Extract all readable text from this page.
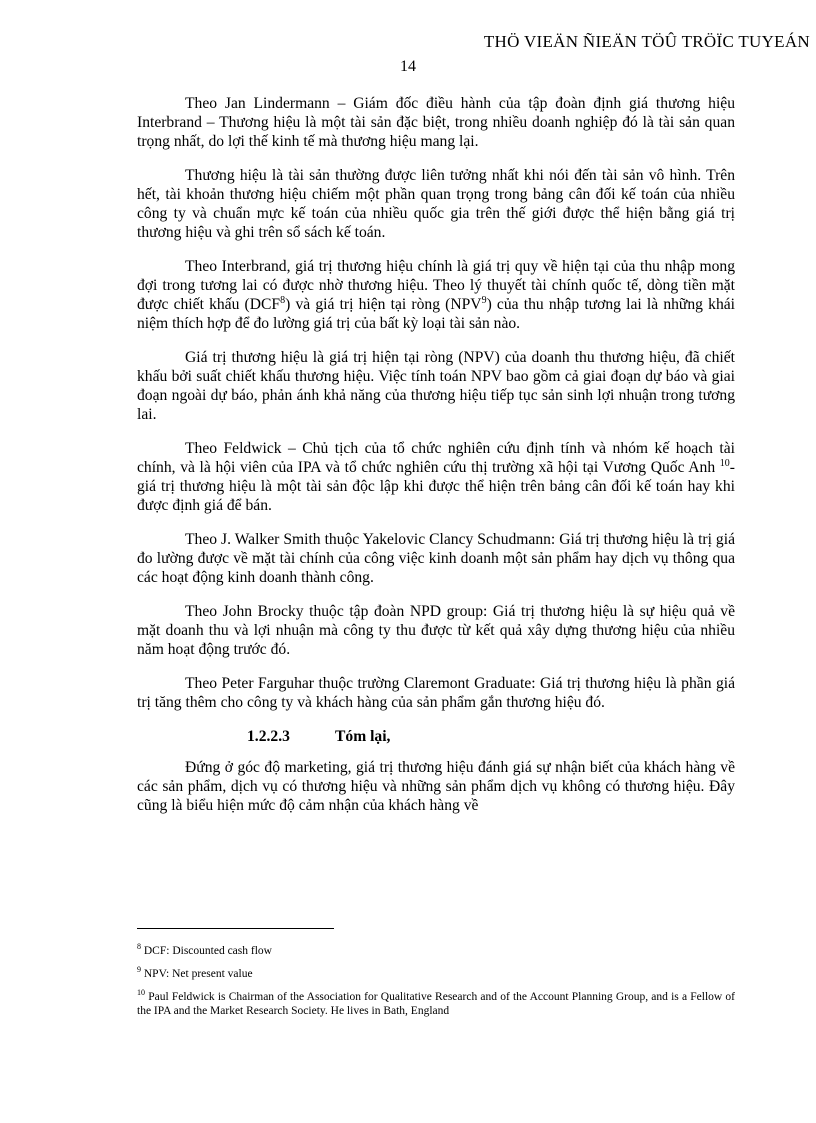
THÖ VIEÄN ÑIEÄN TÖÛ TRÖÏC TUYEÁN
14

Theo Jan Lindermann – Giám đốc điều hành của tập đoàn định giá thương hiệu Interbrand – Thương hiệu là một tài sản đặc biệt, trong nhiều doanh nghiệp đó là tài sản quan trọng nhất, do lợi thế kinh tế mà thương hiệu mang lại.

Thương hiệu là tài sản thường được liên tưởng nhất khi nói đến tài sản vô hình. Trên hết, tài khoản thương hiệu chiếm một phần quan trọng trong bảng cân đối kế toán của nhiều công ty và chuẩn mực kế toán của nhiều quốc gia trên thế giới được thể hiện bằng giá trị thương hiệu và ghi trên sổ sách kế toán.

Theo Interbrand, giá trị thương hiệu chính là giá trị quy về hiện tại của thu nhập mong đợi trong tương lai có được nhờ thương hiệu. Theo lý thuyết tài chính quốc tế, dòng tiền mặt được chiết khấu (DCF$^8$) và giá trị hiện tại ròng (NPV$^9$) của thu nhập tương lai là những khái niệm thích hợp để đo lường giá trị của bất kỳ loại tài sản nào.

Giá trị thương hiệu là giá trị hiện tại ròng (NPV) của doanh thu thương hiệu, đã chiết khấu bởi suất chiết khấu thương hiệu. Việc tính toán NPV bao gồm cả giai đoạn dự báo và giai đoạn ngoài dự báo, phản ánh khả năng của thương hiệu tiếp tục sản sinh lợi nhuận trong tương lai.

Theo Feldwick – Chủ tịch của tổ chức nghiên cứu định tính và nhóm kế hoạch tài chính, và là hội viên của IPA và tổ chức nghiên cứu thị trường xã hội tại Vương Quốc Anh $^{10}$- giá trị thương hiệu là một tài sản độc lập khi được thể hiện trên bảng cân đối kế toán hay khi được định giá để bán.

Theo J. Walker Smith thuộc Yakelovic Clancy Schudmann: Giá trị thương hiệu là trị giá đo lường được về mặt tài chính của công việc kinh doanh một sản phẩm hay dịch vụ thông qua các hoạt động kinh doanh thành công.

Theo John Brocky thuộc tập đoàn NPD group: Giá trị thương hiệu là sự hiệu quả về mặt doanh thu và lợi nhuận mà công ty thu được từ kết quả xây dựng thương hiệu của nhiều năm hoạt động trước đó.

Theo Peter Farguhar thuộc trường Claremont Graduate: Giá trị thương hiệu là phần giá trị tăng thêm cho công ty và khách hàng của sản phẩm gắn thương hiệu đó.

1.2.2.3	Tóm lại,

Đứng ở góc độ marketing, giá trị thương hiệu đánh giá sự nhận biết của khách hàng về các sản phẩm, dịch vụ có thương hiệu và những sản phẩm dịch vụ không có thương hiệu. Đây cũng là biểu hiện mức độ cảm nhận của khách hàng về

$^8$ DCF: Discounted cash flow
$^9$ NPV: Net present value
$^{10}$ Paul Feldwick is Chairman of the Association for Qualitative Research and of the Account Planning Group, and is a Fellow of the IPA and the Market Research Society. He lives in Bath, England
